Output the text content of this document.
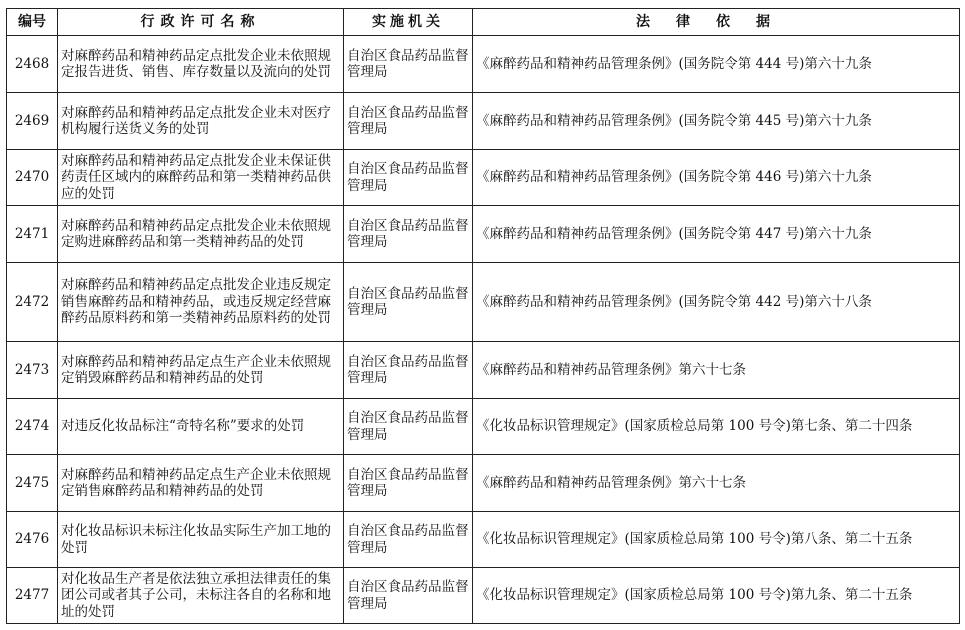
编号	行政许可名称	实施机关	法律依据
2468	对麻醉药品和精神药品定点批发企业未依照规定报告进货、销售、库存数量以及流向的处罚	自治区食品药品监督管理局	《麻醉药品和精神药品管理条例》(国务院令第 444 号)第六十九条
2469	对麻醉药品和精神药品定点批发企业未对医疗机构履行送货义务的处罚	自治区食品药品监督管理局	《麻醉药品和精神药品管理条例》(国务院令第 445 号)第六十九条
2470	对麻醉药品和精神药品定点批发企业未保证供药责任区域内的麻醉药品和第一类精神药品供应的处罚	自治区食品药品监督管理局	《麻醉药品和精神药品管理条例》(国务院令第 446 号)第六十九条
2471	对麻醉药品和精神药品定点批发企业未依照规定购进麻醉药品和第一类精神药品的处罚	自治区食品药品监督管理局	《麻醉药品和精神药品管理条例》(国务院令第 447 号)第六十九条
2472	对麻醉药品和精神药品定点批发企业违反规定销售麻醉药品和精神药品，或违反规定经营麻醉药品原料药和第一类精神药品原料药的处罚	自治区食品药品监督管理局	《麻醉药品和精神药品管理条例》(国务院令第 442 号)第六十八条
2473	对麻醉药品和精神药品定点生产企业未依照规定销毁麻醉药品和精神药品的处罚	自治区食品药品监督管理局	《麻醉药品和精神药品管理条例》第六十七条
2474	对违反化妆品标注“奇特名称”要求的处罚	自治区食品药品监督管理局	《化妆品标识管理规定》(国家质检总局第 100 号令)第七条、第二十四条
2475	对麻醉药品和精神药品定点生产企业未依照规定销售麻醉药品和精神药品的处罚	自治区食品药品监督管理局	《麻醉药品和精神药品管理条例》第六十七条
2476	对化妆品标识未标注化妆品实际生产加工地的处罚	自治区食品药品监督管理局	《化妆品标识管理规定》(国家质检总局第 100 号令)第八条、第二十五条
2477	对化妆品生产者是依法独立承担法律责任的集团公司或者其子公司，未标注各自的名称和地址的处罚	自治区食品药品监督管理局	《化妆品标识管理规定》(国家质检总局第 100 号令)第九条、第二十五条
